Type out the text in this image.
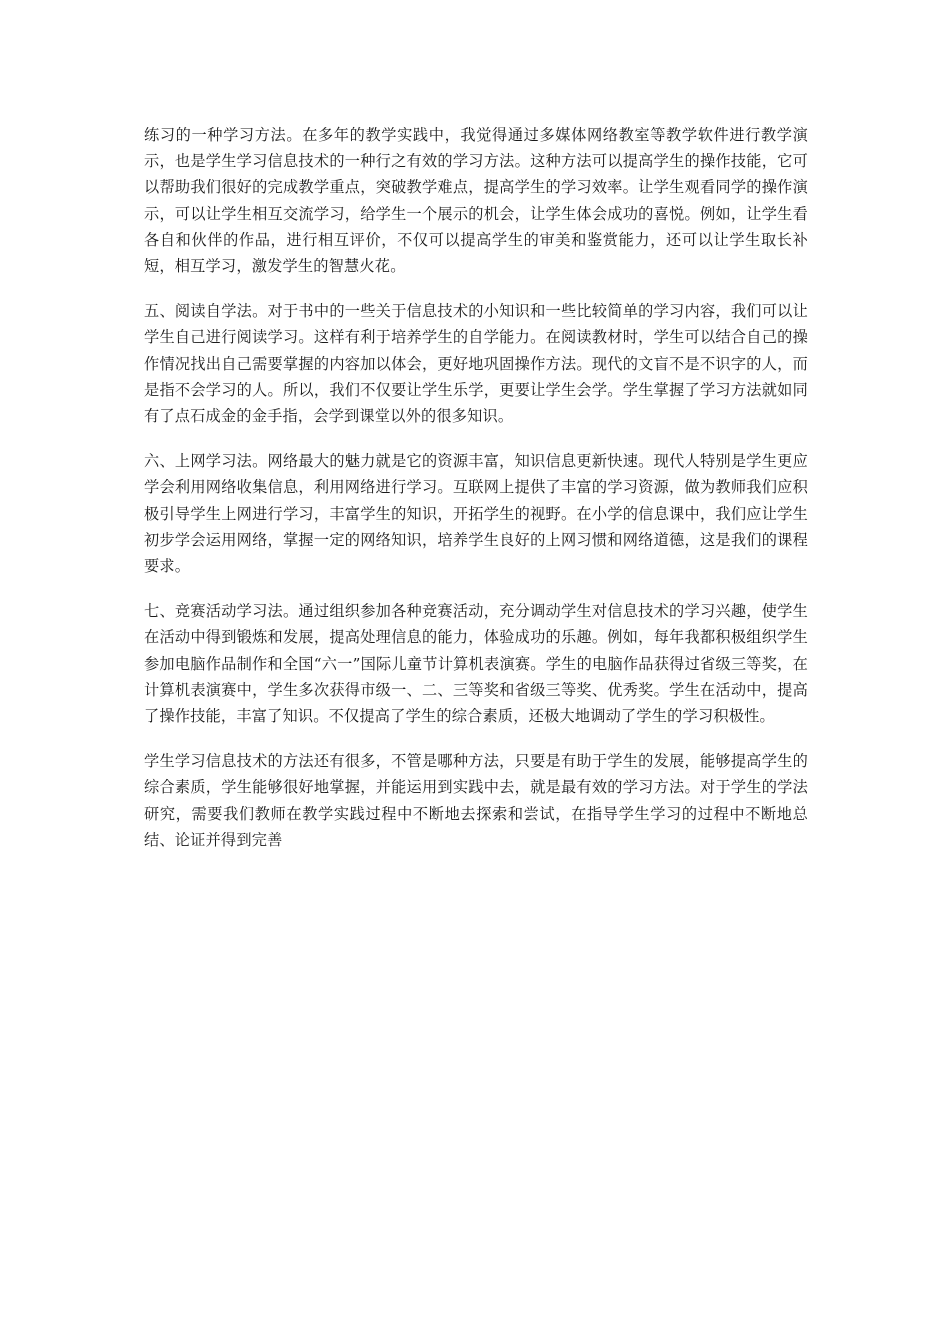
练习的一种学习方法。在多年的教学实践中，我觉得通过多媒体网络教室等教学软件进行教学演示，也是学生学习信息技术的一种行之有效的学习方法。这种方法可以提高学生的操作技能，它可以帮助我们很好的完成教学重点，突破教学难点，提高学生的学习效率。让学生观看同学的操作演示，可以让学生相互交流学习，给学生一个展示的机会，让学生体会成功的喜悦。例如，让学生看各自和伙伴的作品，进行相互评价，不仅可以提高学生的审美和鉴赏能力，还可以让学生取长补短，相互学习，激发学生的智慧火花。

五、阅读自学法。对于书中的一些关于信息技术的小知识和一些比较简单的学习内容，我们可以让学生自己进行阅读学习。这样有利于培养学生的自学能力。在阅读教材时，学生可以结合自己的操作情况找出自己需要掌握的内容加以体会，更好地巩固操作方法。现代的文盲不是不识字的人，而是指不会学习的人。所以，我们不仅要让学生乐学，更要让学生会学。学生掌握了学习方法就如同有了点石成金的金手指，会学到课堂以外的很多知识。

六、上网学习法。网络最大的魅力就是它的资源丰富，知识信息更新快速。现代人特别是学生更应学会利用网络收集信息，利用网络进行学习。互联网上提供了丰富的学习资源，做为教师我们应积极引导学生上网进行学习，丰富学生的知识，开拓学生的视野。在小学的信息课中，我们应让学生初步学会运用网络，掌握一定的网络知识，培养学生良好的上网习惯和网络道德，这是我们的课程要求。

七、竞赛活动学习法。通过组织参加各种竞赛活动，充分调动学生对信息技术的学习兴趣，使学生在活动中得到锻炼和发展，提高处理信息的能力，体验成功的乐趣。例如，每年我都积极组织学生参加电脑作品制作和全国“六一”国际儿童节计算机表演赛。学生的电脑作品获得过省级三等奖，在计算机表演赛中，学生多次获得市级一、二、三等奖和省级三等奖、优秀奖。学生在活动中，提高了操作技能，丰富了知识。不仅提高了学生的综合素质，还极大地调动了学生的学习积极性。

学生学习信息技术的方法还有很多，不管是哪种方法，只要是有助于学生的发展，能够提高学生的综合素质，学生能够很好地掌握，并能运用到实践中去，就是最有效的学习方法。对于学生的学法研究，需要我们教师在教学实践过程中不断地去探索和尝试，在指导学生学习的过程中不断地总结、论证并得到完善
